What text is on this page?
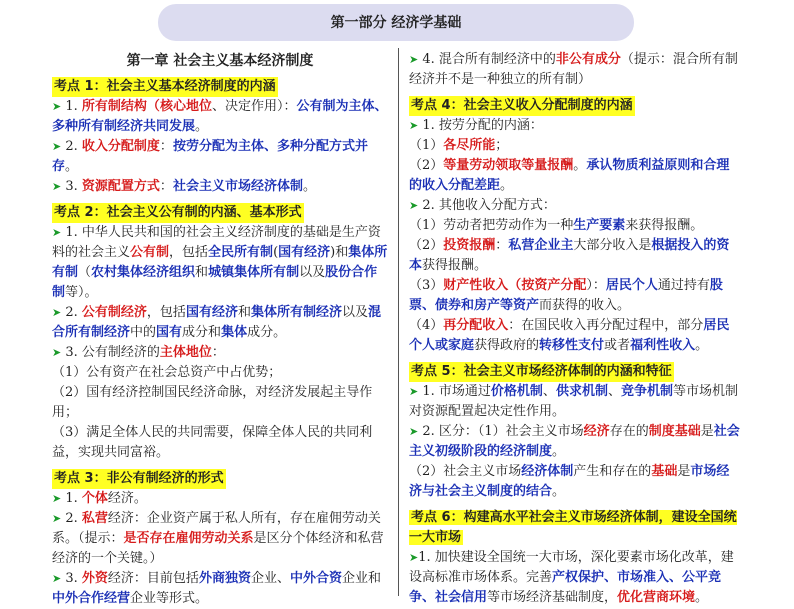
第一部分 经济学基础
第一章 社会主义基本经济制度
考点 1：社会主义基本经济制度的内涵

➤ 1. 所有制结构（核心地位、决定作用）：公有制为主体、多种所有制经济共同发展。

➤ 2. 收入分配制度：按劳分配为主体、多种分配方式并存。

➤ 3. 资源配置方式：社会主义市场经济体制。

考点 2：社会主义公有制的内涵、基本形式

➤ 1. 中华人民共和国的社会主义经济制度的基础是生产资料的社会主义公有制，包括全民所有制(国有经济)和集体所有制（农村集体经济组织和城镇集体所有制以及股份合作制等）。

➤ 2. 公有制经济，包括国有经济和集体所有制经济以及混合所有制经济中的国有成分和集体成分。

➤ 3. 公有制经济的主体地位：

（1）公有资产在社会总资产中占优势；

（2）国有经济控制国民经济命脉，对经济发展起主导作用；

（3）满足全体人民的共同需要，保障全体人民的共同利益，实现共同富裕。

考点 3：非公有制经济的形式

➤ 1. 个体经济。

➤ 2. 私营经济：企业资产属于私人所有，存在雇佣劳动关系。（提示：是否存在雇佣劳动关系是区分个体经济和私营经济的一个关键。）

➤ 3. 外资经济：目前包括外商独资企业、中外合资企业和中外合作经营企业等形式。

➤ 4. 混合所有制经济中的非公有成分（提示：混合所有制经济并不是一种独立的所有制）

考点 4：社会主义收入分配制度的内涵

➤ 1. 按劳分配的内涵：

（1）各尽所能；

（2）等量劳动领取等量报酬。承认物质利益原则和合理的收入分配差距。

➤ 2. 其他收入分配方式：

（1）劳动者把劳动作为一种生产要素来获得报酬。

（2）投资报酬：私营企业主大部分收入是根据投入的资本获得报酬。

（3）财产性收入（按资产分配）：居民个人通过持有股票、债券和房产等资产而获得的收入。

（4）再分配收入：在国民收入再分配过程中，部分居民个人或家庭获得政府的转移性支付或者福利性收入。

考点 5：社会主义市场经济体制的内涵和特征

➤ 1. 市场通过价格机制、供求机制、竞争机制等市场机制对资源配置起决定性作用。

➤ 2. 区分：（1）社会主义市场经济存在的制度基础是社会主义初级阶段的经济制度。

（2）社会主义市场经济体制产生和存在的基础是市场经济与社会主义制度的结合。

考点 6：构建高水平社会主义市场经济体制，建设全国统一大市场

➤1. 加快建设全国统一大市场，深化要素市场化改革，建设高标准市场体系。完善产权保护、市场准入、公平竞争、社会信用等市场经济基础制度，优化营商环境。
